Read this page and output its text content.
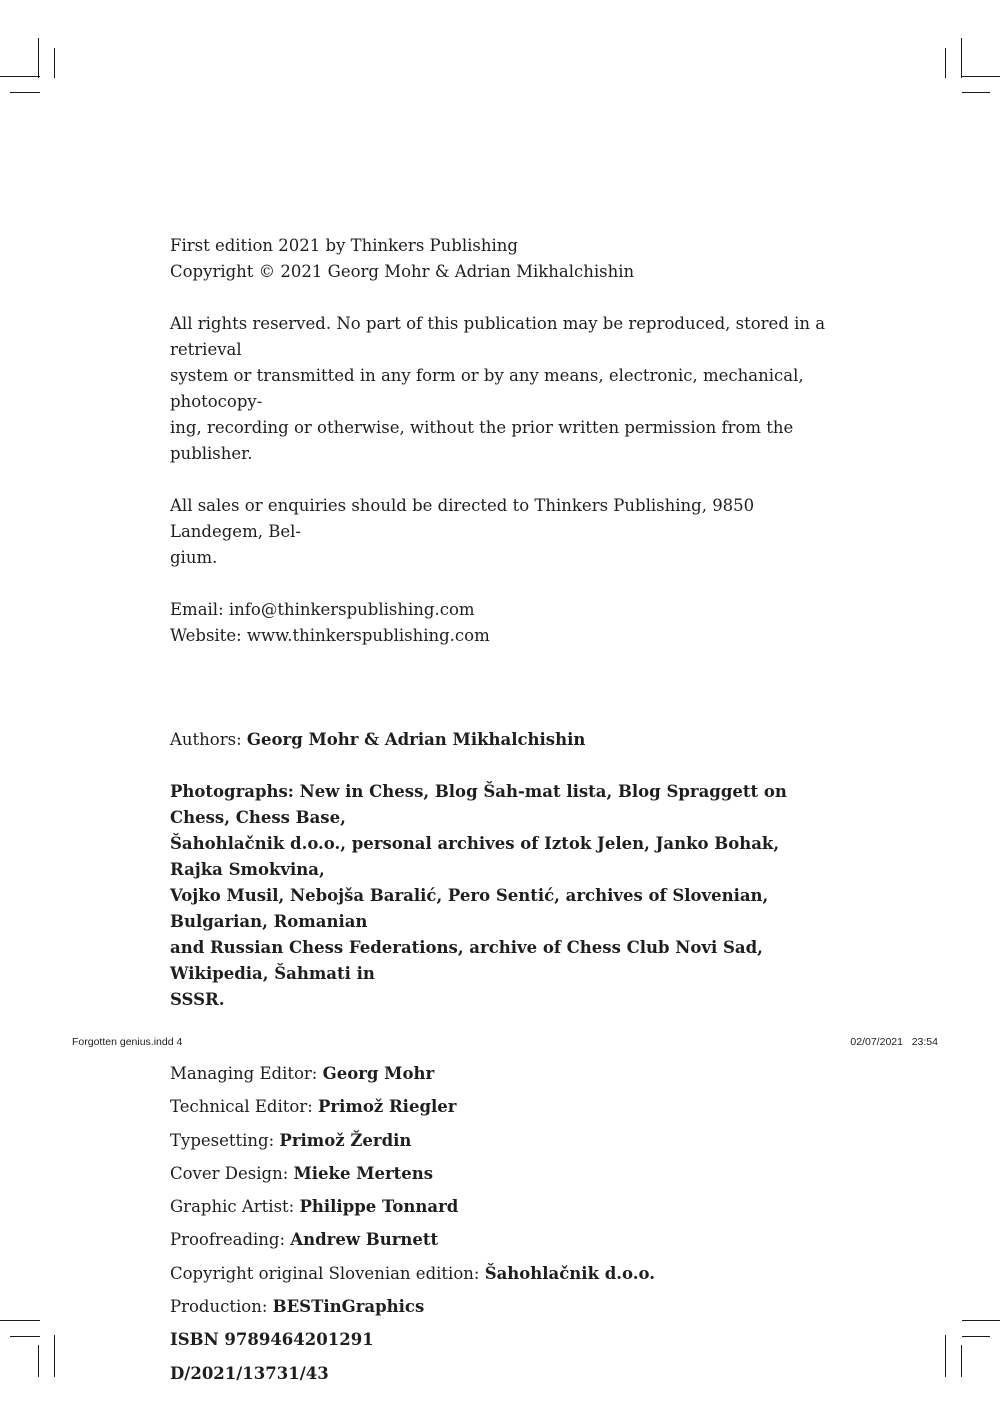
First edition 2021 by Thinkers Publishing

Copyright © 2021 Georg Mohr & Adrian Mikhalchishin

All rights reserved. No part of this publication may be reproduced, stored in a retrieval

system or transmitted in any form or by any means, electronic, mechanical, photocopy-

ing, recording or otherwise, without the prior written permission from the publisher.

All sales or enquiries should be directed to Thinkers Publishing, 9850 Landegem, Bel-

gium.

Email: info@thinkerspublishing.com

Website: www.thinkerspublishing.com

Authors: Georg Mohr & Adrian Mikhalchishin

Photographs: New in Chess, Blog Šah-mat lista, Blog Spraggett on Chess, Chess Base,

Šahohlačnik d.o.o., personal archives of Iztok Jelen, Janko Bohak, Rajka Smokvina,

Vojko Musil, Nebojša Baralić, Pero Sentić, archives of Slovenian, Bulgarian, Romanian

and Russian Chess Federations, archive of Chess Club Novi Sad, Wikipedia, Šahmati in

SSSR.

Managing Editor: Georg Mohr

Technical Editor: Primož Riegler

Typesetting: Primož Žerdin

Cover Design: Mieke Mertens

Graphic Artist: Philippe Tonnard

Proofreading: Andrew Burnett

Copyright original Slovenian edition: Šahohlačnik d.o.o.

Production: BESTinGraphics

ISBN 9789464201291

D/2021/13731/43

Forgotten genius.indd 4	02/07/2021   23:54
